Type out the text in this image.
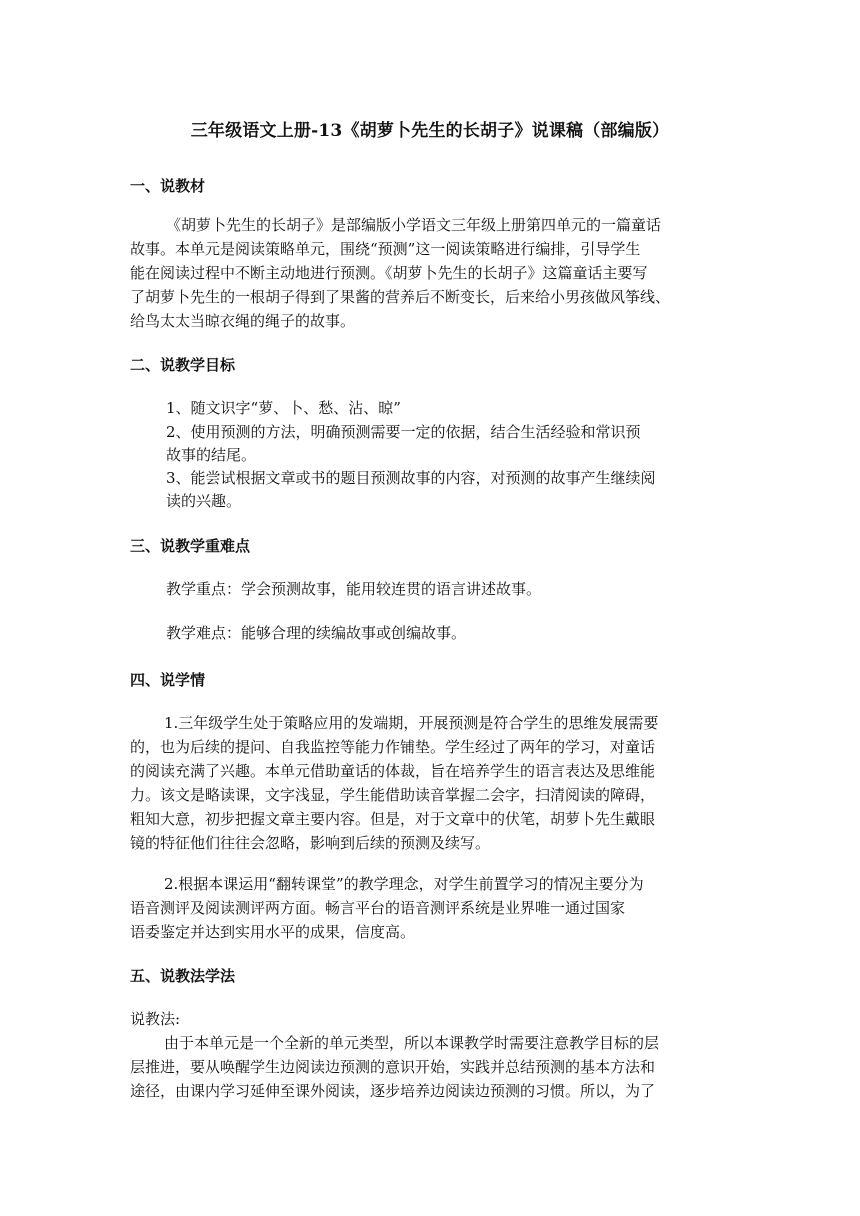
三年级语文上册-13《胡萝卜先生的长胡子》说课稿（部编版）
一、说教材
《胡萝卜先生的长胡子》是部编版小学语文三年级上册第四单元的一篇童话
故事。本单元是阅读策略单元，围绕“预测”这一阅读策略进行编排，引导学生
能在阅读过程中不断主动地进行预测。《胡萝卜先生的长胡子》这篇童话主要写
了胡萝卜先生的一根胡子得到了果酱的营养后不断变长，后来给小男孩做风筝线、
给鸟太太当晾衣绳的绳子的故事。
二、说教学目标
1、随文识字“萝、卜、愁、沾、晾”
2、使用预测的方法，明确预测需要一定的依据，结合生活经验和常识预
故事的结尾。
3、能尝试根据文章或书的题目预测故事的内容，对预测的故事产生继续阅
读的兴趣。
三、说教学重难点
教学重点：学会预测故事，能用较连贯的语言讲述故事。
教学难点：能够合理的续编故事或创编故事。
四、说学情
1.三年级学生处于策略应用的发端期，开展预测是符合学生的思维发展需要
的，也为后续的提问、自我监控等能力作铺垫。学生经过了两年的学习，对童话
的阅读充满了兴趣。本单元借助童话的体裁，旨在培养学生的语言表达及思维能
力。该文是略读课，文字浅显，学生能借助读音掌握二会字，扫清阅读的障碍，
粗知大意，初步把握文章主要内容。但是，对于文章中的伏笔，胡萝卜先生戴眼
镜的特征他们往往会忽略，影响到后续的预测及续写。
2.根据本课运用“翻转课堂”的教学理念，对学生前置学习的情况主要分为
语音测评及阅读测评两方面。畅言平台的语音测评系统是业界唯一通过国家
语委鉴定并达到实用水平的成果，信度高。
五、说教法学法
说教法:
由于本单元是一个全新的单元类型，所以本课教学时需要注意教学目标的层
层推进，要从唤醒学生边阅读边预测的意识开始，实践并总结预测的基本方法和
途径，由课内学习延伸至课外阅读，逐步培养边阅读边预测的习惯。所以，为了
